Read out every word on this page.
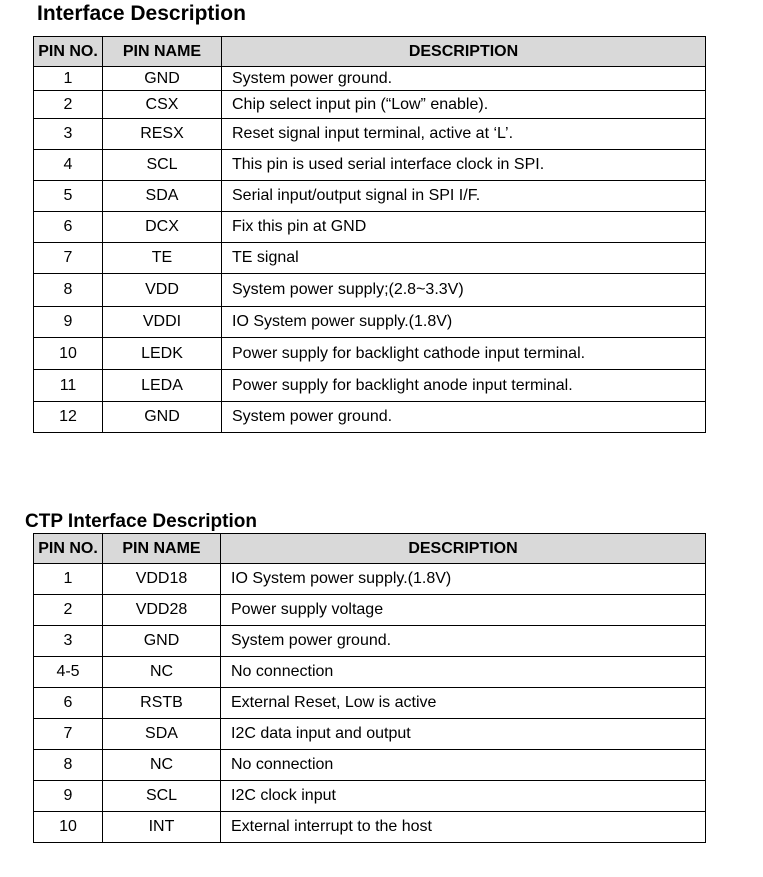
Interface Description
PIN NO.	PIN NAME	DESCRIPTION
1	GND	System power ground.
2	CSX	Chip select input pin (“Low” enable).
3	RESX	Reset signal input terminal, active at ‘L’.
4	SCL	This pin is used serial interface clock in SPI.
5	SDA	Serial input/output signal in SPI I/F.
6	DCX	Fix this pin at GND
7	TE	TE signal
8	VDD	System power supply;(2.8~3.3V)
9	VDDI	IO System power supply.(1.8V)
10	LEDK	Power supply for backlight cathode input terminal.
11	LEDA	Power supply for backlight anode input terminal.
12	GND	System power ground.
CTP Interface Description
PIN NO.	PIN NAME	DESCRIPTION
1	VDD18	IO System power supply.(1.8V)
2	VDD28	Power supply voltage
3	GND	System power ground.
4-5	NC	No connection
6	RSTB	External Reset, Low is active
7	SDA	I2C data input and output
8	NC	No connection
9	SCL	I2C clock input
10	INT	External interrupt to the host
